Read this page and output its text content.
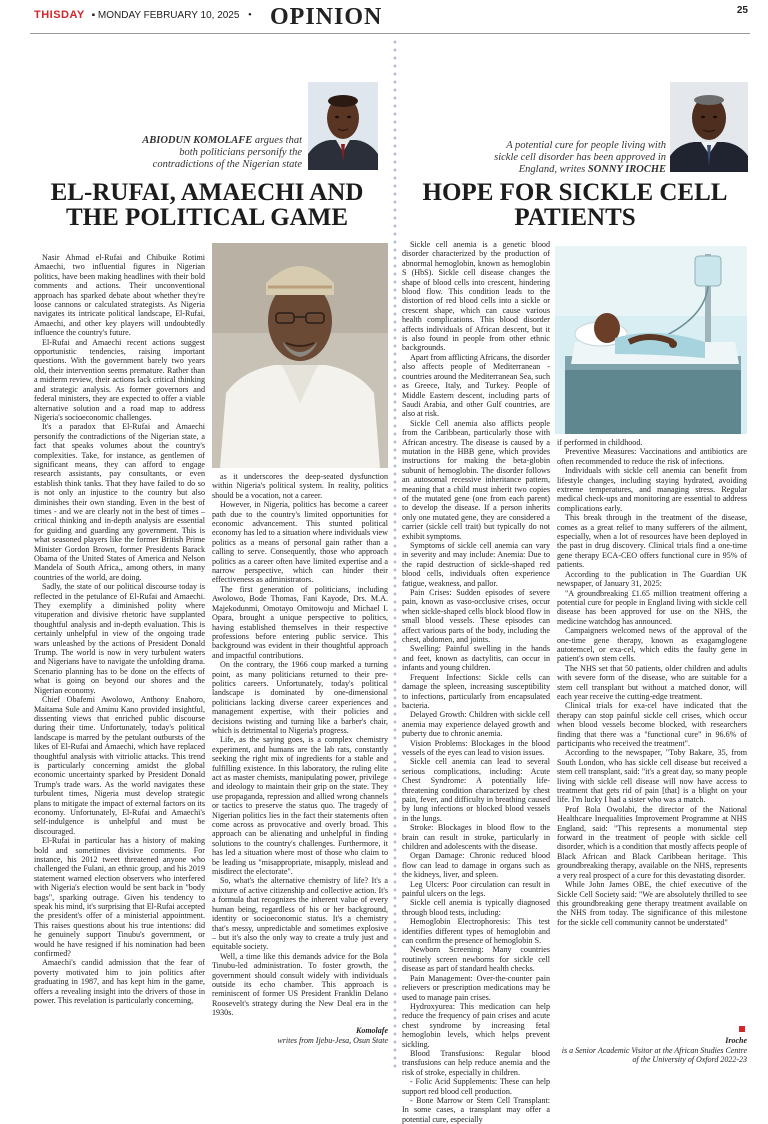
THISDAY ▪ MONDAY FEBRUARY 10, 2025 • OPINION	25
ABIODUN KOMOLAFE argues that both politicians personify the contradictions of the Nigerian state
EL-RUFAI, AMAECHI AND
THE POLITICAL GAME
A potential cure for people living with sickle cell disorder has been approved in England, writes SONNY IROCHE
HOPE FOR SICKLE CELL
PATIENTS

Nasir Ahmad el-Rufai and Chibuike Rotimi Amaechi, two influential figures in Nigerian politics, have been making headlines with their bold comments and actions. Their unconventional approach has sparked debate about whether they're loose cannons or calculated strategists. As Nigeria navigates its intricate political landscape, El-Rufai, Amaechi, and other key players will undoubtedly influence the country's future.

El-Rufai and Amaechi recent actions suggest opportunistic tendencies, raising important questions. With the government barely two years old, their intervention seems premature. Rather than a midterm review, their actions lack critical thinking and strategic analysis. As former governors and federal ministers, they are expected to offer a viable alternative solution and a road map to address Nigeria's socioeconomic challenges.

It's a paradox that El-Rufai and Amaechi personify the contradictions of the Nigerian state, a fact that speaks volumes about the country's complexities. Take, for instance, as gentlemen of significant means, they can afford to engage research assistants, pay consultants, or even establish think tanks. That they have failed to do so is not only an injustice to the country but also diminishes their own standing. Even in the best of times - and we are clearly not in the best of times – critical thinking and in-depth analysis are essential for guiding and guarding any government. This is what seasoned players like the former British Prime Minister Gordon Brown, former Presidents Barack Obama of the United States of America and Nelson Mandela of South Africa,, among others, in many countries of the world, are doing.

Sadly, the state of our political discourse today is reflected in the petulance of El-Rufai and Amaechi. They exemplify a diminished polity where vituperation and divisive rhetoric have supplanted thoughtful analysis and in-depth evaluation. This is certainly unhelpful in view of the ongoing trade wars unleashed by the actions of President Donald Trump. The world is now in very turbulent waters and Nigerians have to navigate the unfolding drama. Scenario planning has to be done on the effects of what is going on beyond our shores and the Nigerian economy.

Chief Obafemi Awolowo, Anthony Enahoro, Maitama Sule and Aminu Kano provided insightful, dissenting views that enriched public discourse during their time. Unfortunately, today's political landscape is marred by the petulant outbursts of the likes of El-Rufai and Amaechi, which have replaced thoughtful analysis with vitriolic attacks. This trend is particularly concerning amidst the global economic uncertainty sparked by President Donald Trump's trade wars. As the world navigates these turbulent times, Nigeria must develop strategic plans to mitigate the impact of external factors on its economy. Unfortunately, El-Rufai and Amaechi's self-indulgence is unhelpful and must be discouraged.

El-Rufai in particular has a history of making bold and sometimes divisive comments. For instance, his 2012 tweet threatened anyone who challenged the Fulani, an ethnic group, and his 2019 statement warned election observers who interfered with Nigeria's election would be sent back in "body bags", sparking outrage. Given his tendency to speak his mind, it's surprising that El-Rufai accepted the president's offer of a ministerial appointment. This raises questions about his true intentions: did he genuinely support Tinubu's government, or would he have resigned if his nomination had been confirmed?

Amaechi's candid admission that the fear of poverty motivated him to join politics after graduating in 1987, and has kept him in the game, offers a revealing insight into the drivers of those in power. This revelation is particularly concerning,

as it underscores the deep-seated dysfunction within Nigeria's political system. In reality, politics should be a vocation, not a career.

However, in Nigeria, politics has become a career path due to the country's limited opportunities for economic advancement. This stunted political economy has led to a situation where individuals view politics as a means of personal gain rather than a calling to serve. Consequently, those who approach politics as a career often have limited expertise and a narrow perspective, which can hinder their effectiveness as administrators.

The first generation of politicians, including Awolowo, Bode Thomas, Fani Kayode, Drs. M.A. Majekodunmi, Omotayo Omitowoju and Michael I. Opara, brought a unique perspective to politics, having established themselves in their respective professions before entering public service. This background was evident in their thoughtful approach and impactful contributions.

On the contrary, the 1966 coup marked a turning point, as many politicians returned to their pre-politics careers. Unfortunately, today's political landscape is dominated by one-dimensional politicians lacking diverse career experiences and management expertise, with their policies and decisions twisting and turning like a barber's chair, which is detrimental to Nigeria's progress.

Life, as the saying goes, is a complex chemistry experiment, and humans are the lab rats, constantly seeking the right mix of ingredients for a stable and fulfilling existence. In this laboratory, the ruling elite act as master chemists, manipulating power, privilege and ideology to maintain their grip on the state. They use propaganda, repression and allied wrong channels or tactics to preserve the status quo. The tragedy of Nigerian politics lies in the fact their statements often come across as provocative and overly broad. This approach can be alienating and unhelpful in finding solutions to the country's challenges. Furthermore, it has led a situation where most of those who claim to be leading us "misappropriate, misapply, mislead and misdirect the electorate".

So, what's the alternative chemistry of life? It's a mixture of active citizenship and collective action. It's a formula that recognizes the inherent value of every human being, regardless of his or her background, identity or socioeconomic status. It's a chemistry that's messy, unpredictable and sometimes explosive – but it's also the only way to create a truly just and equitable society.

Well, a time like this demands advice for the Bola Tinubu-led administration. To foster growth, the government should consult widely with individuals outside its echo chamber. This approach is reminiscent of former US President Franklin Delano Roosevelt's strategy during the New Deal era in the 1930s.

Komolafe
writes from Ijebu-Jesa, Osun State

Sickle cell anemia is a genetic blood disorder characterized by the production of abnormal hemoglobin, known as hemoglobin S (HbS). Sickle cell disease changes the shape of blood cells into crescent, hindering blood flow. This condition leads to the distortion of red blood cells into a sickle or crescent shape, which can cause various health complications. This blood disorder affects individuals of African descent, but it is also found in people from other ethnic backgrounds.

Apart from afflicting Africans, the disorder also affects people of Mediterranean - countries around the Mediterranean Sea, such as Greece, Italy, and Turkey. People of Middle Eastern descent, including parts of Saudi Arabia, and other Gulf countries, are also at risk.

Sickle Cell anemia also afflicts people from the Caribbean, particularly those with African ancestry. The disease is caused by a mutation in the HBB gene, which provides instructions for making the beta-globin subunit of hemoglobin. The disorder follows an autosomal recessive inheritance pattern, meaning that a child must inherit two copies of the mutated gene (one from each parent) to develop the disease. If a person inherits only one mutated gene, they are considered a carrier (sickle cell trait) but typically do not exhibit symptoms.

Symptoms of sickle cell anemia can vary in severity and may include: Anemia: Due to the rapid destruction of sickle-shaped red blood cells, individuals often experience fatigue, weakness, and pallor.

Pain Crises: Sudden episodes of severe pain, known as vaso-occlusive crises, occur when sickle-shaped cells block blood flow in small blood vessels. These episodes can affect various parts of the body, including the chest, abdomen, and joints.

Swelling: Painful swelling in the hands and feet, known as dactylitis, can occur in infants and young children.

Frequent Infections: Sickle cells can damage the spleen, increasing susceptibility to infections, particularly from encapsulated bacteria.

Delayed Growth: Children with sickle cell anemia may experience delayed growth and puberty due to chronic anemia.

Vision Problems: Blockages in the blood vessels of the eyes can lead to vision issues.

Sickle cell anemia can lead to several serious complications, including: Acute Chest Syndrome: A potentially life-threatening condition characterized by chest pain, fever, and difficulty in breathing caused by lung infections or blocked blood vessels in the lungs.

Stroke: Blockages in blood flow to the brain can result in stroke, particularly in children and adolescents with the disease.

Organ Damage: Chronic reduced blood flow can lead to damage in organs such as the kidneys, liver, and spleen.

Leg Ulcers: Poor circulation can result in painful ulcers on the legs.

Sickle cell anemia is typically diagnosed through blood tests, including:

Hemoglobin Electrophoresis: This test identifies different types of hemoglobin and can confirm the presence of hemoglobin S.

Newborn Screening: Many countries routinely screen newborns for sickle cell disease as part of standard health checks.

Pain Management: Over-the-counter pain relievers or prescription medications may be used to manage pain crises.

Hydroxyurea: This medication can help reduce the frequency of pain crises and acute chest syndrome by increasing fetal hemoglobin levels, which helps prevent sickling.

Blood Transfusions: Regular blood transfusions can help reduce anemia and the risk of stroke, especially in children.

- Folic Acid Supplements: These can help support red blood cell production.

- Bone Marrow or Stem Cell Transplant: In some cases, a transplant may offer a potential cure, especially

if performed in childhood.

Preventive Measures: Vaccinations and antibiotics are often recommended to reduce the risk of infections.

Individuals with sickle cell anemia can benefit from lifestyle changes, including staying hydrated, avoiding extreme temperatures, and managing stress. Regular medical check-ups and monitoring are essential to address complications early.

This break through in the treatment of the disease, comes as a great relief to many sufferers of the ailment, especially, when a lot of resources have been deployed in the past in drug discovery. Clinical trials find a one-time gene therapy ECA-CEO offers functional cure in 95% of patients.

According to the publication in The Guardian UK newspaper, of January 31, 2025:

"A groundbreaking £1.65 million treatment offering a potential cure for people in England living with sickle cell disease has been approved for use on the NHS, the medicine watchdog has announced.

Campaigners welcomed news of the approval of the one-time gene therapy, known as exagamglogene autotemcel, or exa-cel, which edits the faulty gene in patient's own stem cells.

The NHS set that 50 patients, older children and adults with severe form of the disease, who are suitable for a stem cell transplant but without a matched donor, will each year receive the cutting-edge treatment.

Clinical trials for exa-cel have indicated that the therapy can stop painful sickle cell crises, which occur when blood vessels become blocked, with researchers finding that there was a "functional cure" in 96.6% of participants who received the treatment".

According to the newspaper, "Toby Bakare, 35, from South London, who has sickle cell disease but received a stem cell transplant, said: "it's a great day, so many people living with sickle cell disease will now have access to treatment that gets rid of pain [that] is a blight on your life. I'm lucky I had a sister who was a match.

Prof Bola Owolabi, the director of the National Healthcare Inequalities Improvement Programme at NHS England, said: "This represents a monumental step forward in the treatment of people with sickle cell disorder, which is a condition that mostly affects people of Black African and Black Caribbean heritage. This groundbreaking therapy, available on the NHS, represents a very real prospect of a cure for this devastating disorder.

While John James OBE, the chief executive of the Sickle Cell Society said: "We are absolutely thrilled to see this groundbreaking gene therapy treatment available on the NHS from today. The significance of this milestone for the sickle cell community cannot be understated"

Iroche
is a Senior Academic Visitor at the African Studies Centre of the University of Oxford 2022-23
